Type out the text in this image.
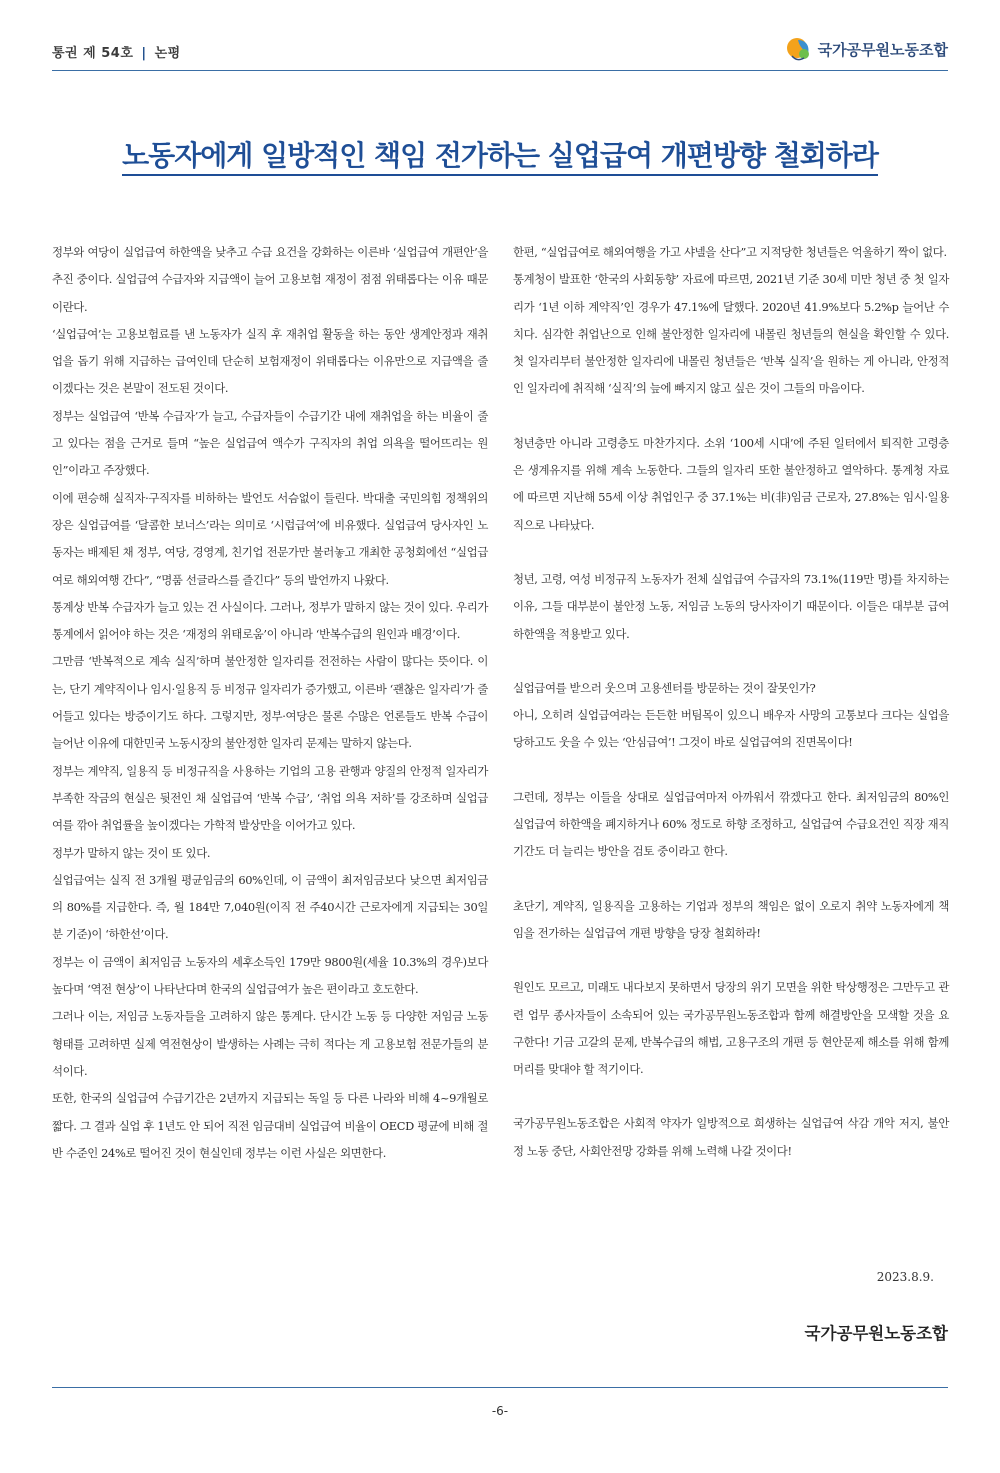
통권 제 54호 | 논평	국가공무원노동조합
노동자에게 일방적인 책임 전가하는 실업급여 개편방향 철회하라

정부와 여당이 실업급여 하한액을 낮추고 수급 요건을 강화하는 이른바 ‘실업급여 개편안’을 추진 중이다. 실업급여 수급자와 지급액이 늘어 고용보험 재정이 점점 위태롭다는 이유 때문이란다.

‘실업급여’는 고용보험료를 낸 노동자가 실직 후 재취업 활동을 하는 동안 생계안정과 재취업을 돕기 위해 지급하는 급여인데 단순히 보험재정이 위태롭다는 이유만으로 지급액을 줄이겠다는 것은 본말이 전도된 것이다.

정부는 실업급여 ‘반복 수급자’가 늘고, 수급자들이 수급기간 내에 재취업을 하는 비율이 줄고 있다는 점을 근거로 들며 “높은 실업급여 액수가 구직자의 취업 의욕을 떨어뜨리는 원인”이라고 주장했다.

이에 편승해 실직자·구직자를 비하하는 발언도 서슴없이 들린다. 박대출 국민의힘 정책위의장은 실업급여를 ‘달콤한 보너스’라는 의미로 ‘시럽급여’에 비유했다. 실업급여 당사자인 노동자는 배제된 채 정부, 여당, 경영계, 친기업 전문가만 불러놓고 개최한 공청회에선 “실업급여로 해외여행 간다”, “명품 선글라스를 즐긴다” 등의 발언까지 나왔다.

통계상 반복 수급자가 늘고 있는 건 사실이다. 그러나, 정부가 말하지 않는 것이 있다. 우리가 통계에서 읽어야 하는 것은 ‘재정의 위태로움’이 아니라 ‘반복수급의 원인과 배경’이다.

그만큼 ‘반복적으로 계속 실직’하며 불안정한 일자리를 전전하는 사람이 많다는 뜻이다. 이는, 단기 계약직이나 임시·일용직 등 비정규 일자리가 증가했고, 이른바 ‘괜찮은 일자리’가 줄어들고 있다는 방증이기도 하다. 그렇지만, 정부·여당은 물론 수많은 언론들도 반복 수급이 늘어난 이유에 대한민국 노동시장의 불안정한 일자리 문제는 말하지 않는다.

정부는 계약직, 일용직 등 비정규직을 사용하는 기업의 고용 관행과 양질의 안정적 일자리가 부족한 작금의 현실은 뒷전인 채 실업급여 ‘반복 수급’, ‘취업 의욕 저하’를 강조하며 실업급여를 깎아 취업률을 높이겠다는 가학적 발상만을 이어가고 있다.

정부가 말하지 않는 것이 또 있다.

실업급여는 실직 전 3개월 평균임금의 60%인데, 이 금액이 최저임금보다 낮으면 최저임금의 80%를 지급한다. 즉, 월 184만 7,040원(이직 전 주40시간 근로자에게 지급되는 30일분 기준)이 ‘하한선’이다.

정부는 이 금액이 최저임금 노동자의 세후소득인 179만 9800원(세율 10.3%의 경우)보다 높다며 ‘역전 현상’이 나타난다며 한국의 실업급여가 높은 편이라고 호도한다.

그러나 이는, 저임금 노동자들을 고려하지 않은 통계다. 단시간 노동 등 다양한 저임금 노동 형태를 고려하면 실제 역전현상이 발생하는 사례는 극히 적다는 게 고용보험 전문가들의 분석이다.

또한, 한국의 실업급여 수급기간은 2년까지 지급되는 독일 등 다른 나라와 비해 4~9개월로 짧다. 그 결과 실업 후 1년도 안 되어 직전 임금대비 실업급여 비율이 OECD 평균에 비해 절반 수준인 24%로 떨어진 것이 현실인데 정부는 이런 사실은 외면한다.

한편, “실업급여로 해외여행을 가고 샤넬을 산다”고 지적당한 청년들은 억울하기 짝이 없다.

통계청이 발표한 ‘한국의 사회동향’ 자료에 따르면, 2021년 기준 30세 미만 청년 중 첫 일자리가 ‘1년 이하 계약직’인 경우가 47.1%에 달했다. 2020년 41.9%보다 5.2%p 늘어난 수치다. 심각한 취업난으로 인해 불안정한 일자리에 내몰린 청년들의 현실을 확인할 수 있다. 첫 일자리부터 불안정한 일자리에 내몰린 청년들은 ‘반복 실직’을 원하는 게 아니라, 안정적인 일자리에 취직해 ‘실직’의 늪에 빠지지 않고 싶은 것이 그들의 마음이다.

청년층만 아니라 고령층도 마찬가지다. 소위 ‘100세 시대’에 주된 일터에서 퇴직한 고령층은 생계유지를 위해 계속 노동한다. 그들의 일자리 또한 불안정하고 열악하다. 통계청 자료에 따르면 지난해 55세 이상 취업인구 중 37.1%는 비(非)임금 근로자, 27.8%는 임시·일용직으로 나타났다.

청년, 고령, 여성 비정규직 노동자가 전체 실업급여 수급자의 73.1%(119만 명)를 차지하는 이유, 그들 대부분이 불안정 노동, 저임금 노동의 당사자이기 때문이다. 이들은 대부분 급여 하한액을 적용받고 있다.

실업급여를 받으러 웃으며 고용센터를 방문하는 것이 잘못인가?

아니, 오히려 실업급여라는 든든한 버팀목이 있으니 배우자 사망의 고통보다 크다는 실업을 당하고도 웃을 수 있는 ‘안심급여’! 그것이 바로 실업급여의 진면목이다!

그런데, 정부는 이들을 상대로 실업급여마저 아까워서 깎겠다고 한다. 최저임금의 80%인 실업급여 하한액을 폐지하거나 60% 정도로 하향 조정하고, 실업급여 수급요건인 직장 재직기간도 더 늘리는 방안을 검토 중이라고 한다.

초단기, 계약직, 일용직을 고용하는 기업과 정부의 책임은 없이 오로지 취약 노동자에게 책임을 전가하는 실업급여 개편 방향을 당장 철회하라!

원인도 모르고, 미래도 내다보지 못하면서 당장의 위기 모면을 위한 탁상행정은 그만두고 관련 업무 종사자들이 소속되어 있는 국가공무원노동조합과 함께 해결방안을 모색할 것을 요구한다! 기금 고갈의 문제, 반복수급의 해법, 고용구조의 개편 등 현안문제 해소를 위해 함께 머리를 맞대야 할 적기이다.

국가공무원노동조합은 사회적 약자가 일방적으로 희생하는 실업급여 삭감 개악 저지, 불안정 노동 중단, 사회안전망 강화를 위해 노력해 나갈 것이다!

2023.8.9.
국가공무원노동조합
-6-
